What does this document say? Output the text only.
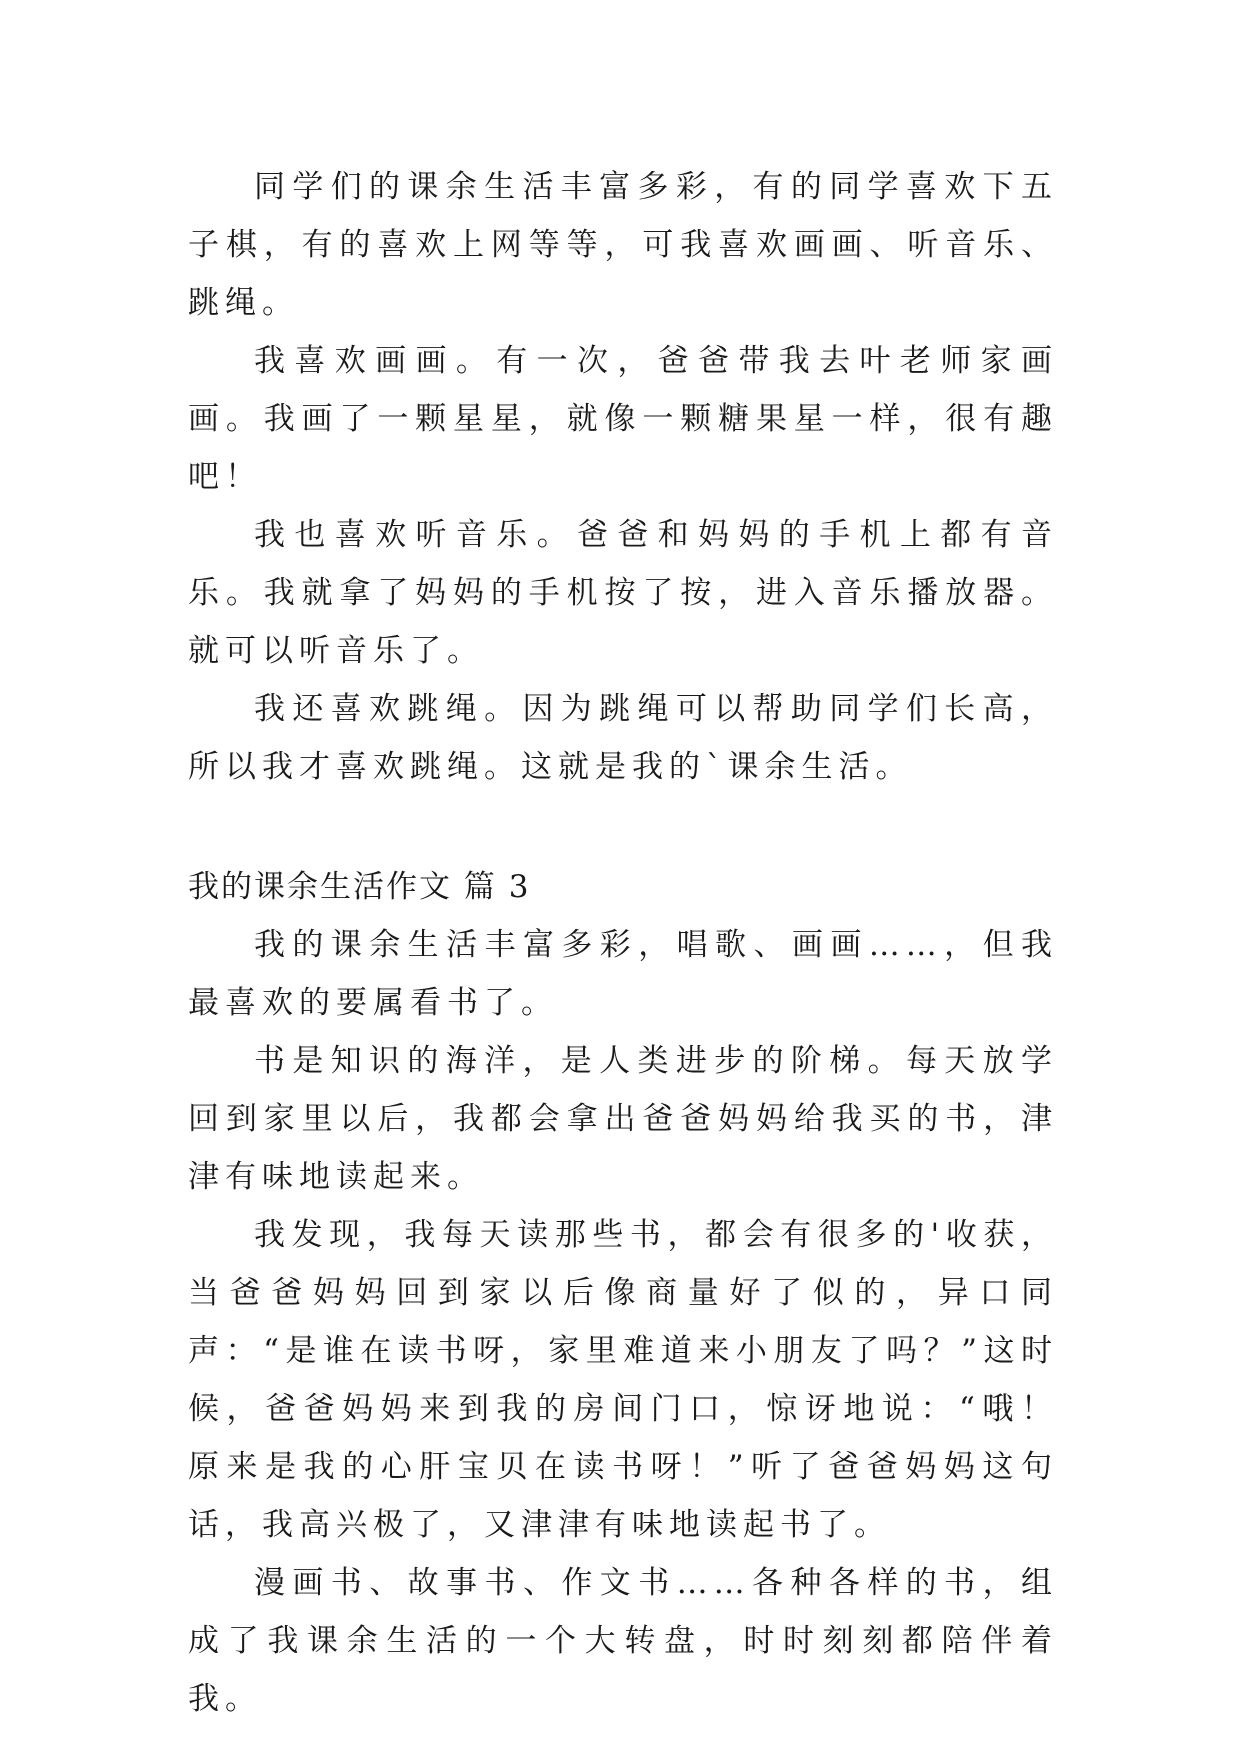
同学们的课余生活丰富多彩，有的同学喜欢下五子棋，有的喜欢上网等等，可我喜欢画画、听音乐、跳绳。

我喜欢画画。有一次，爸爸带我去叶老师家画画。我画了一颗星星，就像一颗糖果星一样，很有趣吧！

我也喜欢听音乐。爸爸和妈妈的手机上都有音乐。我就拿了妈妈的手机按了按，进入音乐播放器。就可以听音乐了。

我还喜欢跳绳。因为跳绳可以帮助同学们长高，所以我才喜欢跳绳。这就是我的`课余生活。

我的课余生活作文 篇 3

我的课余生活丰富多彩，唱歌、画画……，但我最喜欢的要属看书了。

书是知识的海洋，是人类进步的阶梯。每天放学回到家里以后，我都会拿出爸爸妈妈给我买的书，津津有味地读起来。

我发现，我每天读那些书，都会有很多的'收获，当爸爸妈妈回到家以后像商量好了似的，异口同声：“是谁在读书呀，家里难道来小朋友了吗？”这时候，爸爸妈妈来到我的房间门口，惊讶地说：“哦！原来是我的心肝宝贝在读书呀！”听了爸爸妈妈这句话，我高兴极了，又津津有味地读起书了。

漫画书、故事书、作文书……各种各样的书，组成了我课余生活的一个大转盘，时时刻刻都陪伴着我。
